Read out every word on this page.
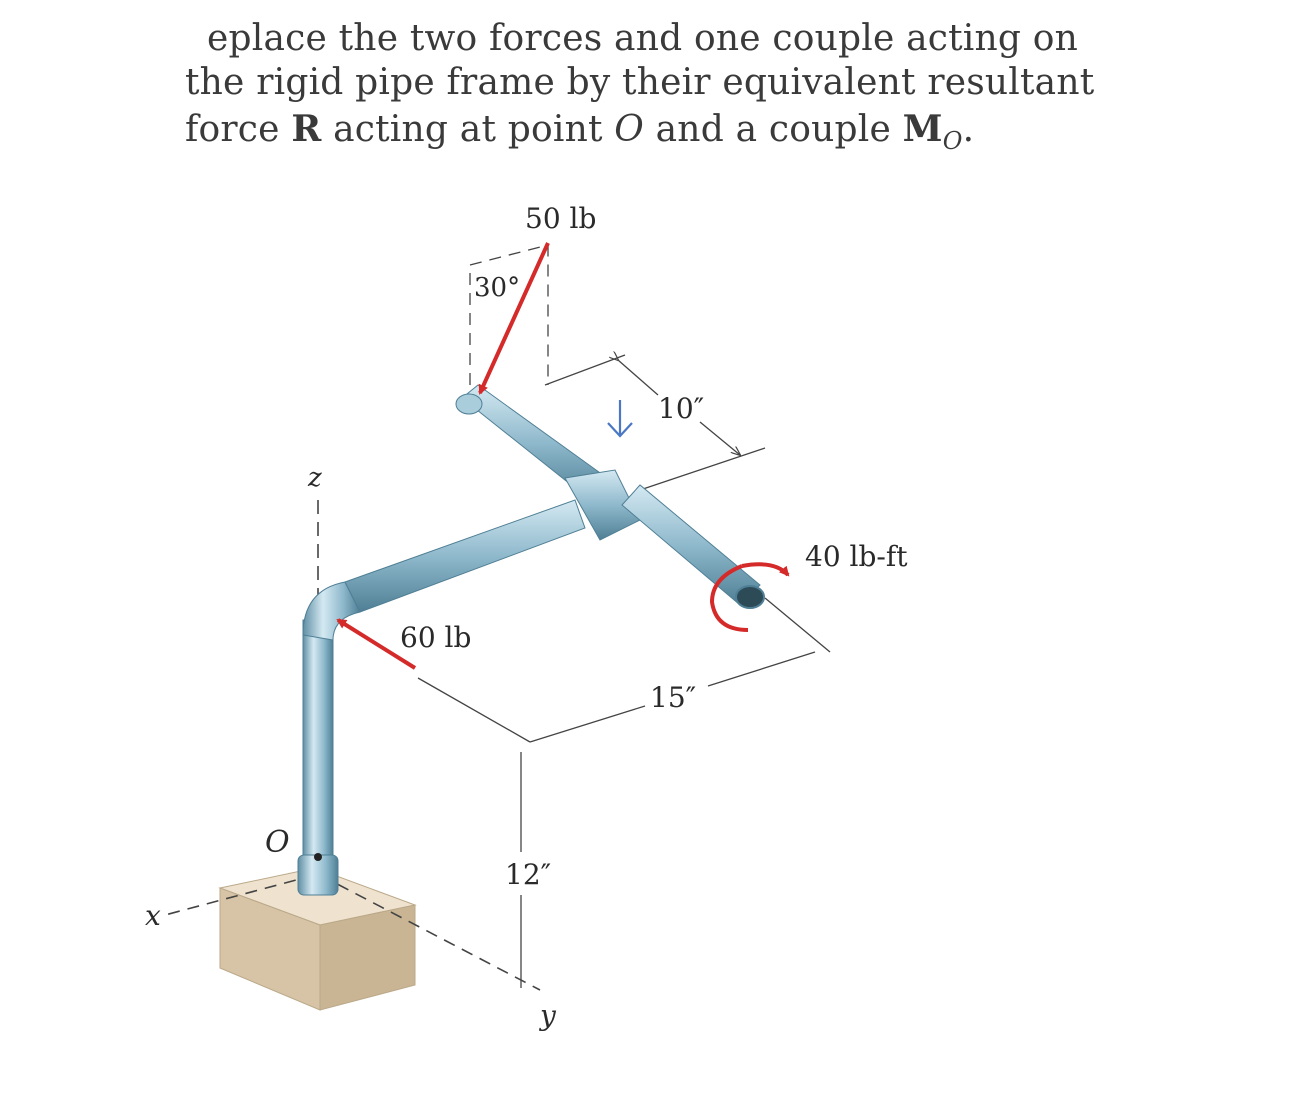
eplace the two forces and one couple acting on
the rigid pipe frame by their equivalent resultant
force R acting at point O and a couple $M_O$.
50 lb
30°
60 lb
40 lb-ft
10″
15″
12″
x
y
z
O
